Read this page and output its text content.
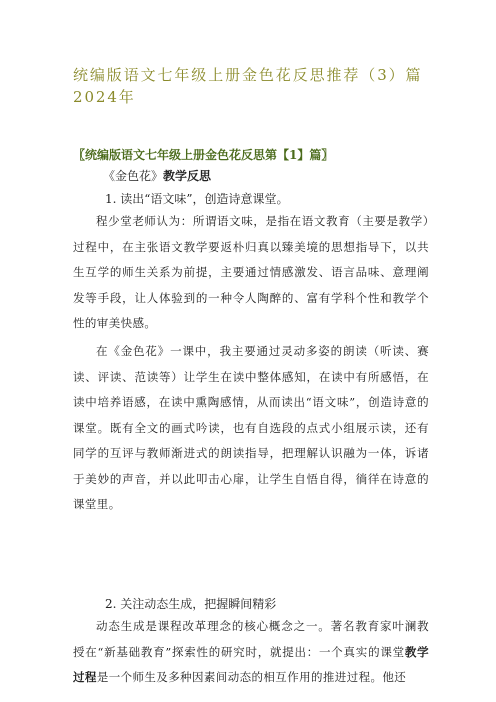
统编版语文七年级上册金色花反思推荐（3）篇2024年

〖统编版语文七年级上册金色花反思第【1】篇〗

《金色花》教学反思

1. 读出“语文味”，创造诗意课堂。

程少堂老师认为：所谓语文味，是指在语文教育（主要是教学）过程中，在主张语文教学要返朴归真以臻美境的思想指导下，以共生互学的师生关系为前提，主要通过情感激发、语言品味、意理阐发等手段，让人体验到的一种令人陶醉的、富有学科个性和教学个性的审美快感。

在《金色花》一课中，我主要通过灵动多姿的朗读（听读、赛读、评读、范读等）让学生在读中整体感知，在读中有所感悟，在读中培养语感，在读中熏陶感情，从而读出“语文味”，创造诗意的课堂。既有全文的画式吟读，也有自选段的点式小组展示读，还有同学的互评与教师渐进式的朗读指导，把理解认识融为一体，诉诸于美妙的声音，并以此叩击心扉，让学生自悟自得，徜徉在诗意的课堂里。

2. 关注动态生成，把握瞬间精彩

动态生成是课程改革理念的核心概念之一。著名教育家叶澜教授在“新基础教育”探索性的研究时，就提出：一个真实的课堂教学过程是一个师生及多种因素间动态的相互作用的推进过程。他还
